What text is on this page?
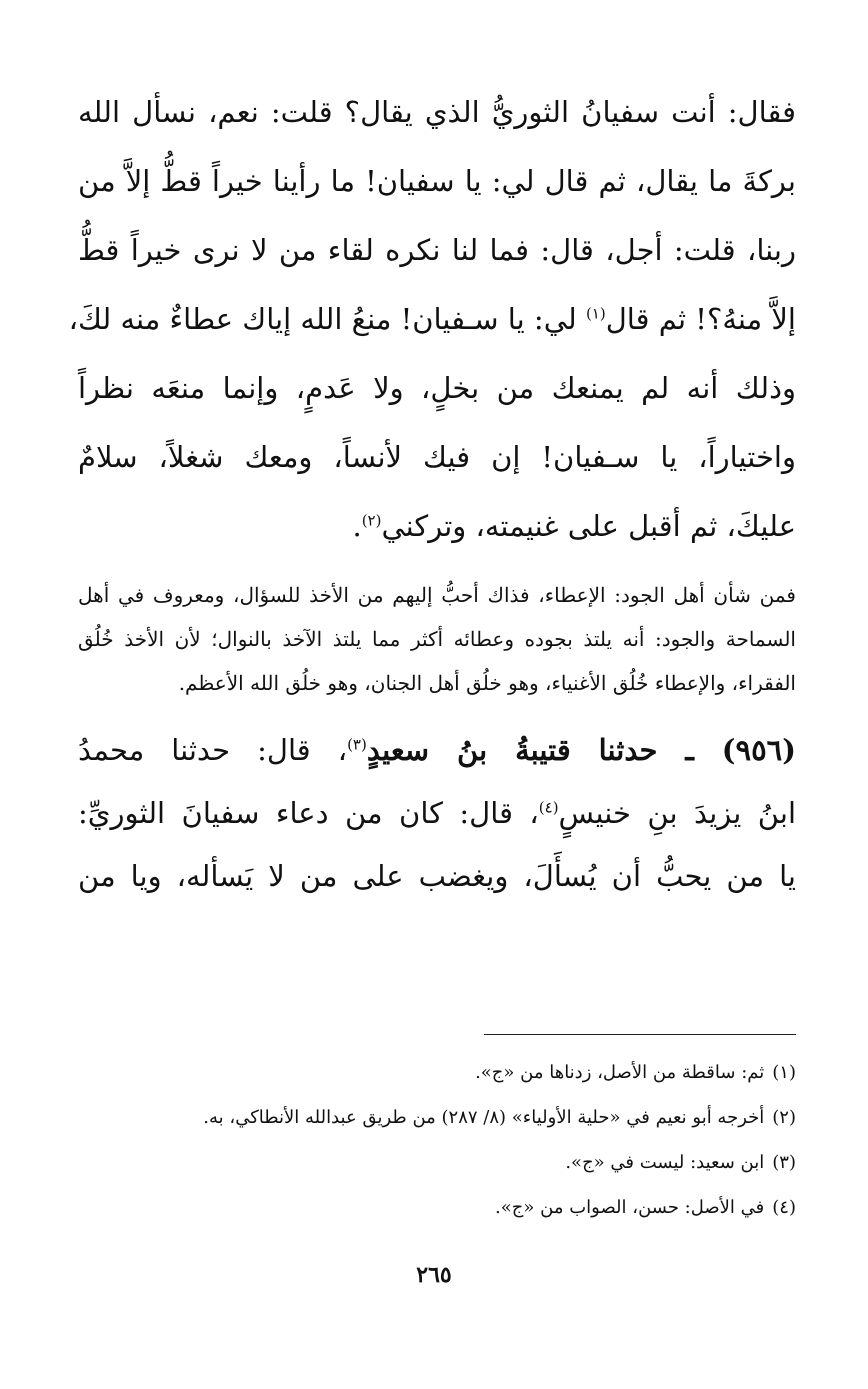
فقال: أنت سفيانُ الثوريُّ الذي يقال؟ قلت: نعم، نسأل الله

بركةَ ما يقال، ثم قال لي: يا سفيان! ما رأينا خيراً قطُّ إلاَّ من

ربنا، قلت: أجل، قال: فما لنا نكره لقاء من لا نرى خيراً قطُّ

إلاَّ منهُ؟! ثم قال$^{(١)}$ لي: يا سـفيان! منعُ الله إياك عطاءٌ منه لكَ،

وذلك أنه لم يمنعك من بخلٍ، ولا عَدمٍ، وإنما منعَه نظراً

واختياراً، يا سـفيان! إن فيك لأنساً، ومعك شغلاً، سلامٌ

عليكَ، ثم أقبل على غنيمته، وتركني$^{(٢)}$.

فمن شأن أهل الجود: الإعطاء، فذاك أحبُّ إليهم من الأخذ للسؤال، ومعروف في أهل السماحة والجود: أنه يلتذ بجوده وعطائه أكثر مما يلتذ الآخذ بالنوال؛ لأن الأخذ خُلُق الفقراء، والإعطاء خُلُق الأغنياء، وهو خلُق أهل الجنان، وهو خلُق الله الأعظم.

(٩٥٦) ـ حدثنا قتيبةُ بنُ سعيدٍ$^{(٣)}$، قال: حدثنا محمدُ

ابنُ يزيدَ بنِ خنيسٍ$^{(٤)}$، قال: كان من دعاء سفيانَ الثوريِّ:

يا من يحبُّ أن يُسأَلَ، ويغضب على من لا يَسأله، ويا من

(١)ثم: ساقطة من الأصل، زدناها من «ج».

(٢)أخرجه أبو نعيم في «حلية الأولياء» (٨/ ٢٨٧) من طريق عبدالله الأنطاكي، به.

(٣)ابن سعيد: ليست في «ج».

(٤)في الأصل: حسن، الصواب من «ج».

٢٦٥
